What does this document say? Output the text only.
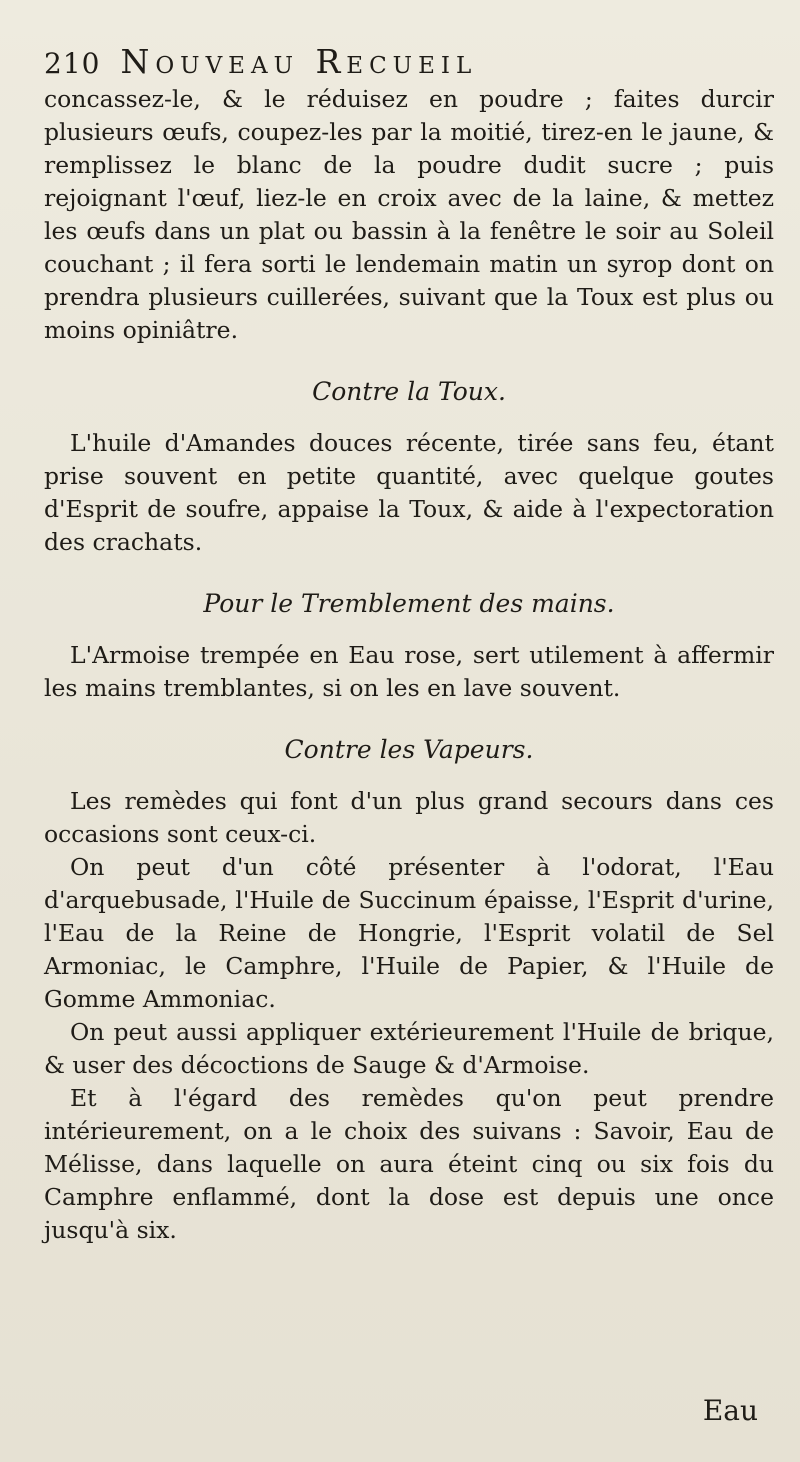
210 Nouveau Recueil

concassez-le, & le réduisez en poudre ; faites durcir plusieurs œufs, coupez-les par la moitié, tirez-en le jaune, & remplissez le blanc de la poudre dudit sucre ; puis rejoignant l'œuf, liez-le en croix avec de la laine, & mettez les œufs dans un plat ou bassin à la fenêtre le soir au Soleil couchant ; il fera sorti le lendemain matin un syrop dont on prendra plusieurs cuillerées, suivant que la Toux est plus ou moins opiniâtre.

Contre la Toux.

L'huile d'Amandes douces récente, tirée sans feu, étant prise souvent en petite quantité, avec quelque goutes d'Esprit de soufre, appaise la Toux, & aide à l'expectoration des crachats.

Pour le Tremblement des mains.

L'Armoise trempée en Eau rose, sert utilement à affermir les mains tremblantes, si on les en lave souvent.

Contre les Vapeurs.

Les remèdes qui font d'un plus grand secours dans ces occasions sont ceux-ci.

On peut d'un côté présenter à l'odorat, l'Eau d'arquebusade, l'Huile de Succinum épaisse, l'Esprit d'urine, l'Eau de la Reine de Hongrie, l'Esprit volatil de Sel Armoniac, le Camphre, l'Huile de Papier, & l'Huile de Gomme Ammoniac.

On peut aussi appliquer extérieurement l'Huile de brique, & user des décoctions de Sauge & d'Armoise.

Et à l'égard des remèdes qu'on peut prendre intérieurement, on a le choix des suivans : Savoir, Eau de Mélisse, dans laquelle on aura éteint cinq ou six fois du Camphre enflammé, dont la dose est depuis une once jusqu'à six.

Eau
